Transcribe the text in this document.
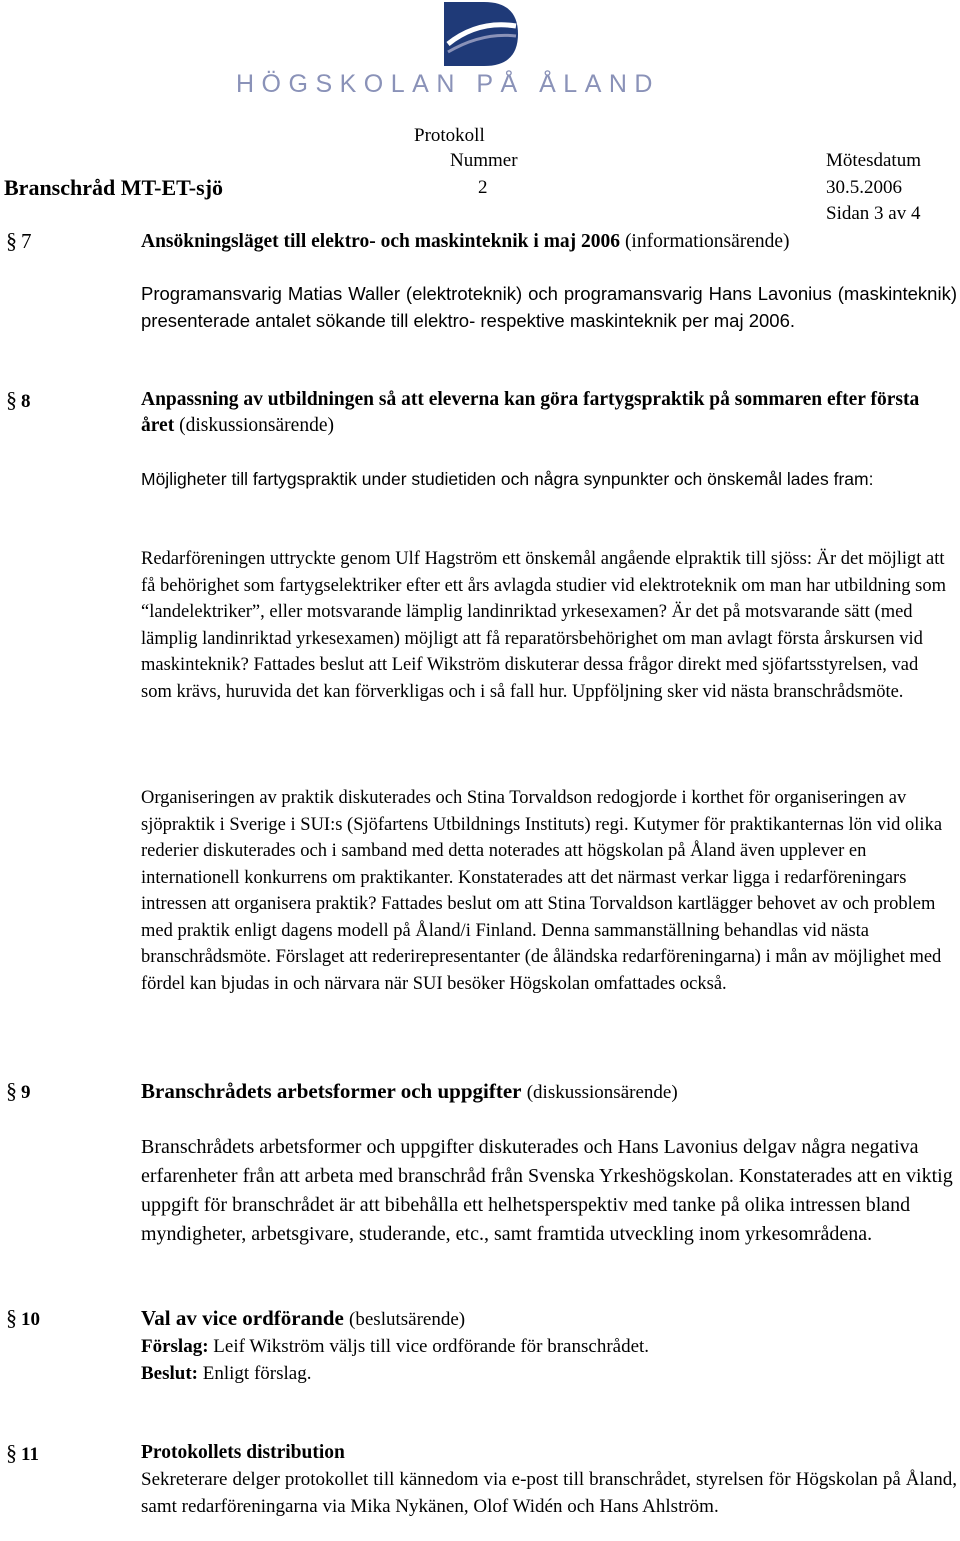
HÖGSKOLAN PÅ ÅLAND
Protokoll
Nummer	Mötesdatum
Branschråd MT-ET-sjö	2	30.5.2006
Sidan 3 av 4
§ 7	Ansökningsläget till elektro- och maskinteknik i maj 2006 (informationsärende)

Programansvarig Matias Waller (elektroteknik) och programansvarig Hans Lavonius (maskinteknik) presenterade antalet sökande till elektro- respektive maskinteknik per maj 2006.

§ 8	Anpassning av utbildningen så att eleverna kan göra fartygspraktik på sommaren efter första året (diskussionsärende)

Möjligheter till fartygspraktik under studietiden och några synpunkter och önskemål lades fram:

Redarföreningen uttryckte genom Ulf Hagström ett önskemål angående elpraktik till sjöss: Är det möjligt att få behörighet som fartygselektriker efter ett års avlagda studier vid elektroteknik om man har utbildning som “landelektriker”, eller motsvarande lämplig landinriktad yrkesexamen? Är det på motsvarande sätt (med lämplig landinriktad yrkesexamen) möjligt att få reparatörsbehörighet om man avlagt första årskursen vid maskinteknik? Fattades beslut att Leif Wikström diskuterar dessa frågor direkt med sjöfartsstyrelsen, vad som krävs, huruvida det kan förverkligas och i så fall hur. Uppföljning sker vid nästa branschrådsmöte.

Organiseringen av praktik diskuterades och Stina Torvaldson redogjorde i korthet för organiseringen av sjöpraktik i Sverige i SUI:s (Sjöfartens Utbildnings Instituts) regi. Kutymer för praktikanternas lön vid olika rederier diskuterades och i samband med detta noterades att högskolan på Åland även upplever en internationell konkurrens om praktikanter. Konstaterades att det närmast verkar ligga i redarföreningars intressen att organisera praktik? Fattades beslut om att Stina Torvaldson kartlägger behovet av och problem med praktik enligt dagens modell på Åland/i Finland. Denna sammanställning behandlas vid nästa branschrådsmöte. Förslaget att rederirepresentanter (de åländska redarföreningarna) i mån av möjlighet med fördel kan bjudas in och närvara när SUI besöker Högskolan omfattades också.

§ 9	Branschrådets arbetsformer och uppgifter (diskussionsärende)

Branschrådets arbetsformer och uppgifter diskuterades och Hans Lavonius delgav några negativa erfarenheter från att arbeta med branschråd från Svenska Yrkeshögskolan. Konstaterades att en viktig uppgift för branschrådet är att bibehålla ett helhetsperspektiv med tanke på olika intressen bland myndigheter, arbetsgivare, studerande, etc., samt framtida utveckling inom yrkesområdena.

§ 10	Val av vice ordförande (beslutsärende)
Förslag: Leif Wikström väljs till vice ordförande för branschrådet.
Beslut: Enligt förslag.
§ 11	Protokollets distribution

Sekreterare delger protokollet till kännedom via e-post till branschrådet, styrelsen för Högskolan på Åland, samt redarföreningarna via Mika Nykänen, Olof Widén och Hans Ahlström.
